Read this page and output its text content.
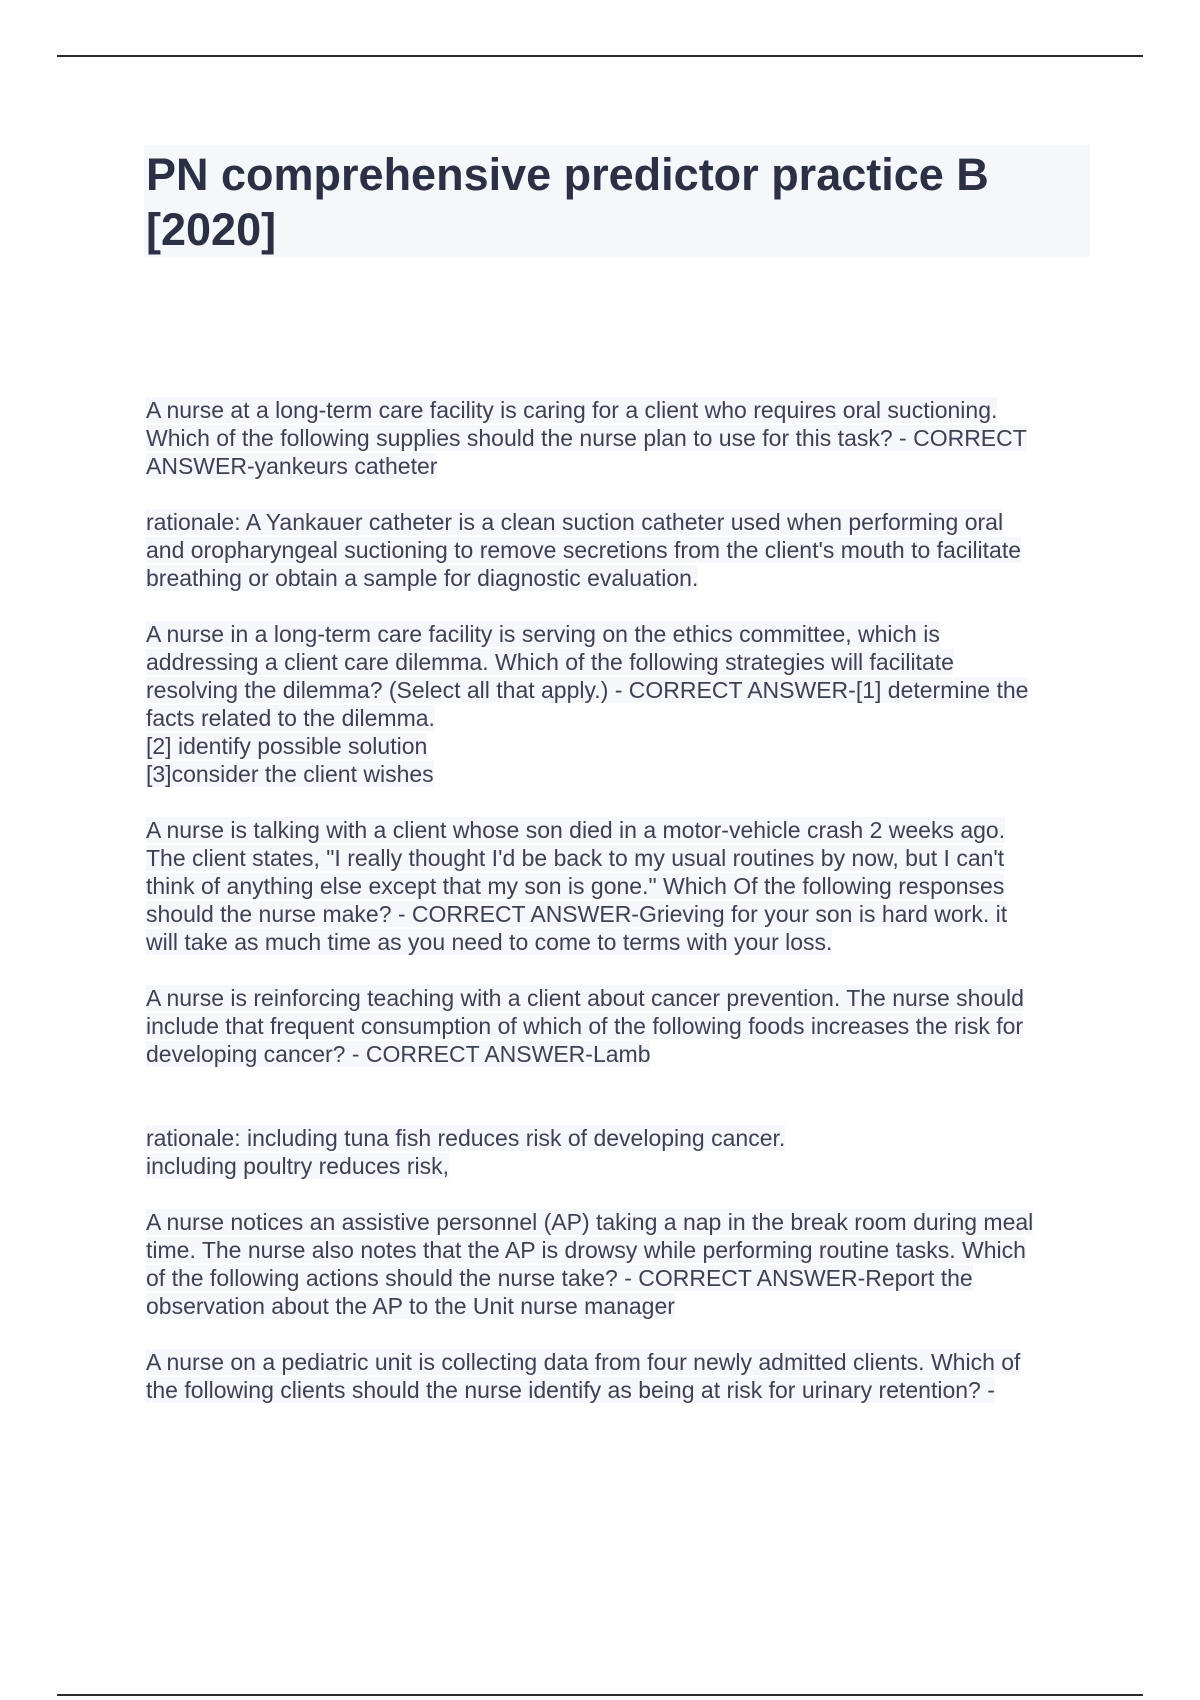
PN comprehensive predictor practice B
[2020]

A nurse at a long-term care facility is caring for a client who requires oral suctioning.
Which of the following supplies should the nurse plan to use for this task? - CORRECT
ANSWER-yankeurs catheter

rationale: A Yankauer catheter is a clean suction catheter used when performing oral
and oropharyngeal suctioning to remove secretions from the client's mouth to facilitate
breathing or obtain a sample for diagnostic evaluation.

A nurse in a long-term care facility is serving on the ethics committee, which is
addressing a client care dilemma. Which of the following strategies will facilitate
resolving the dilemma? (Select all that apply.) - CORRECT ANSWER-[1] determine the
facts related to the dilemma.
[2] identify possible solution
[3]consider the client wishes

A nurse is talking with a client whose son died in a motor-vehicle crash 2 weeks ago.
The client states, "I really thought I'd be back to my usual routines by now, but I can't
think of anything else except that my son is gone." Which Of the following responses
should the nurse make? - CORRECT ANSWER-Grieving for your son is hard work. it
will take as much time as you need to come to terms with your loss.

A nurse is reinforcing teaching with a client about cancer prevention. The nurse should
include that frequent consumption of which of the following foods increases the risk for
developing cancer? - CORRECT ANSWER-Lamb

rationale: including tuna fish reduces risk of developing cancer.
including poultry reduces risk,

A nurse notices an assistive personnel (AP) taking a nap in the break room during meal
time. The nurse also notes that the AP is drowsy while performing routine tasks. Which
of the following actions should the nurse take? - CORRECT ANSWER-Report the
observation about the AP to the Unit nurse manager

A nurse on a pediatric unit is collecting data from four newly admitted clients. Which of
the following clients should the nurse identify as being at risk for urinary retention? -
